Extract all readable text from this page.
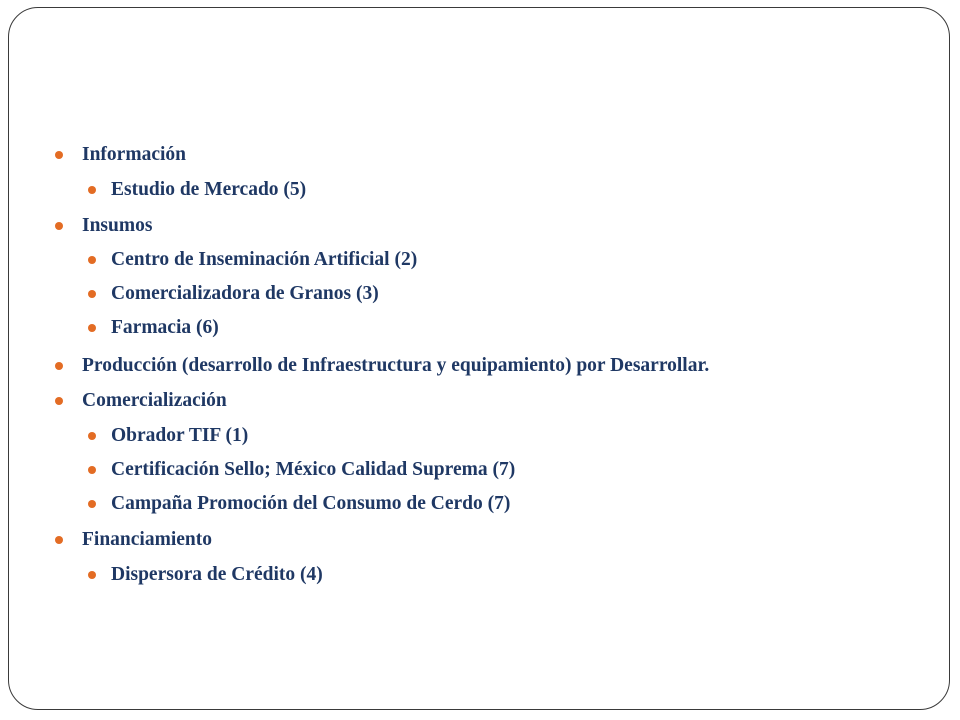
Información
Estudio de Mercado (5)
Insumos
Centro de Inseminación Artificial (2)
Comercializadora de Granos (3)
Farmacia (6)
Producción (desarrollo de Infraestructura y equipamiento) por Desarrollar.
Comercialización
Obrador TIF (1)
Certificación Sello; México Calidad Suprema (7)
Campaña Promoción del Consumo de Cerdo (7)
Financiamiento
Dispersora de Crédito (4)
